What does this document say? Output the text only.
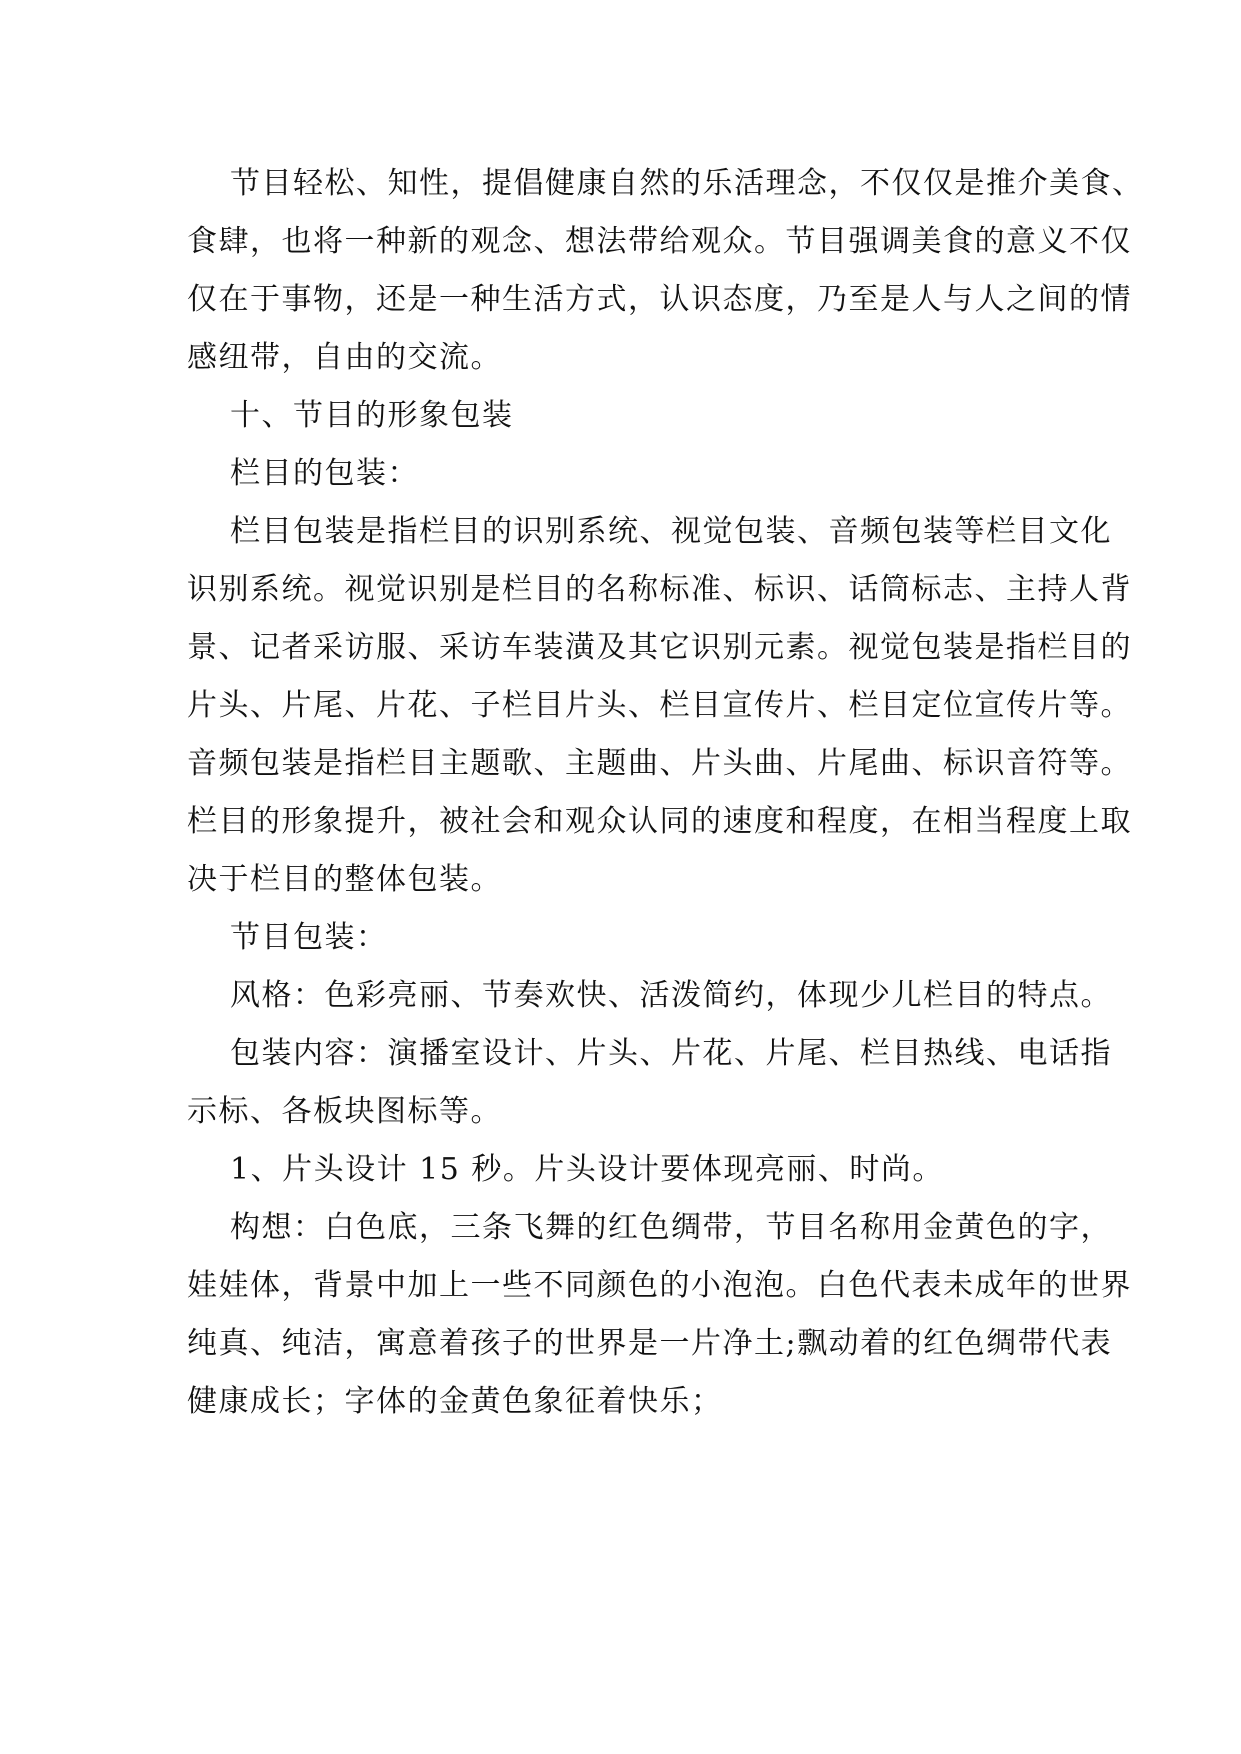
节目轻松、知性，提倡健康自然的乐活理念，不仅仅是推介美食、
食肆，也将一种新的观念、想法带给观众。节目强调美食的意义不仅
仅在于事物，还是一种生活方式，认识态度，乃至是人与人之间的情
感纽带，自由的交流。
十、节目的形象包装
栏目的包装：
栏目包装是指栏目的识别系统、视觉包装、音频包装等栏目文化
识别系统。视觉识别是栏目的名称标准、标识、话筒标志、主持人背
景、记者采访服、采访车装潢及其它识别元素。视觉包装是指栏目的
片头、片尾、片花、子栏目片头、栏目宣传片、栏目定位宣传片等。
音频包装是指栏目主题歌、主题曲、片头曲、片尾曲、标识音符等。
栏目的形象提升，被社会和观众认同的速度和程度，在相当程度上取
决于栏目的整体包装。
节目包装：
风格：色彩亮丽、节奏欢快、活泼简约，体现少儿栏目的特点。
包装内容：演播室设计、片头、片花、片尾、栏目热线、电话指
示标、各板块图标等。
1、片头设计 15 秒。片头设计要体现亮丽、时尚。
构想：白色底，三条飞舞的红色绸带，节目名称用金黄色的字，
娃娃体，背景中加上一些不同颜色的小泡泡。白色代表未成年的世界
纯真、纯洁，寓意着孩子的世界是一片净土;飘动着的红色绸带代表
健康成长；字体的金黄色象征着快乐；
